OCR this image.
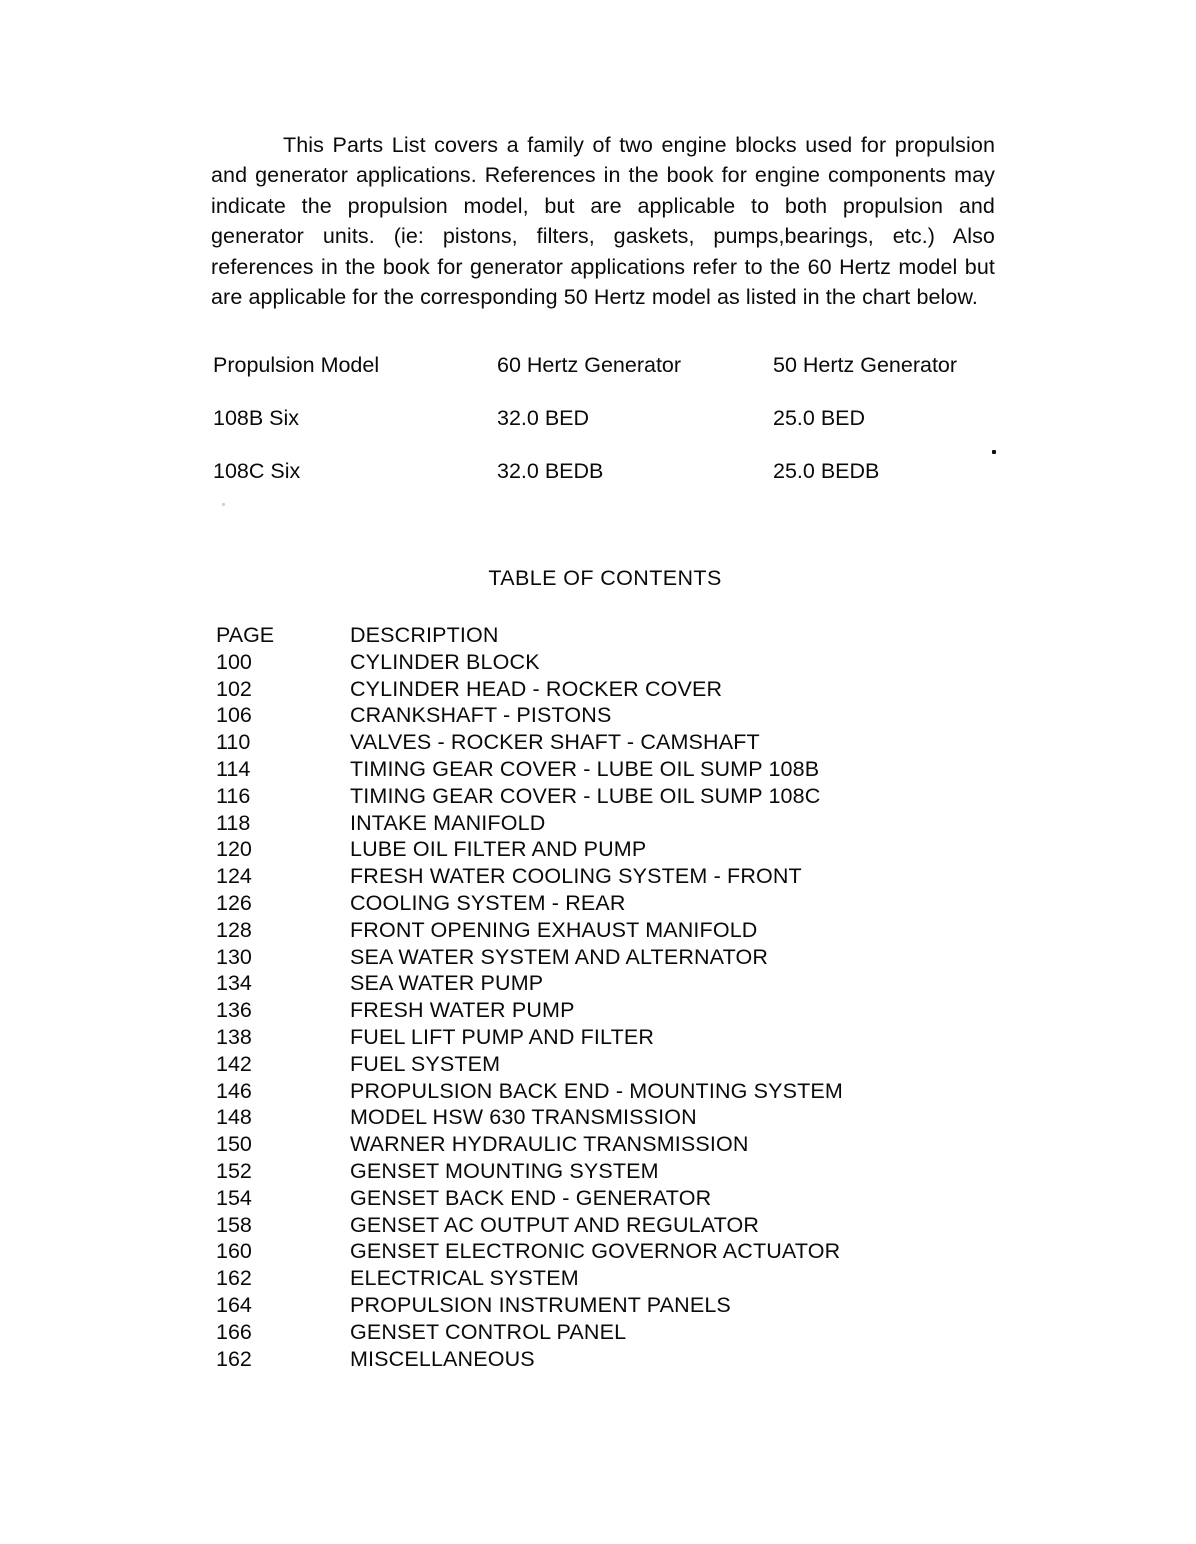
This Parts List covers a family of two engine blocks used for propulsion and generator applications. References in the book for engine components may indicate the propulsion model, but are applicable to both propulsion and generator units. (ie: pistons, filters, gaskets, pumps,bearings, etc.) Also references in the book for generator applications refer to the 60 Hertz model but are applicable for the corresponding 50 Hertz model as listed in the chart below.

Propulsion Model	60 Hertz Generator	50 Hertz Generator
108B Six	32.0 BED	25.0 BED
108C Six	32.0 BEDB	25.0 BEDB
TABLE OF CONTENTS
PAGE	DESCRIPTION
100	CYLINDER BLOCK
102	CYLINDER HEAD - ROCKER COVER
106	CRANKSHAFT - PISTONS
110	VALVES - ROCKER SHAFT - CAMSHAFT
114	TIMING GEAR COVER - LUBE OIL SUMP 108B
116	TIMING GEAR COVER - LUBE OIL SUMP 108C
118	INTAKE MANIFOLD
120	LUBE OIL FILTER AND PUMP
124	FRESH WATER COOLING SYSTEM - FRONT
126	COOLING SYSTEM - REAR
128	FRONT OPENING EXHAUST MANIFOLD
130	SEA WATER SYSTEM AND ALTERNATOR
134	SEA WATER PUMP
136	FRESH WATER PUMP
138	FUEL LIFT PUMP AND FILTER
142	FUEL SYSTEM
146	PROPULSION BACK END - MOUNTING SYSTEM
148	MODEL HSW 630 TRANSMISSION
150	WARNER HYDRAULIC TRANSMISSION
152	GENSET MOUNTING SYSTEM
154	GENSET BACK END - GENERATOR
158	GENSET AC OUTPUT AND REGULATOR
160	GENSET ELECTRONIC GOVERNOR ACTUATOR
162	ELECTRICAL SYSTEM
164	PROPULSION INSTRUMENT PANELS
166	GENSET CONTROL PANEL
162	MISCELLANEOUS
